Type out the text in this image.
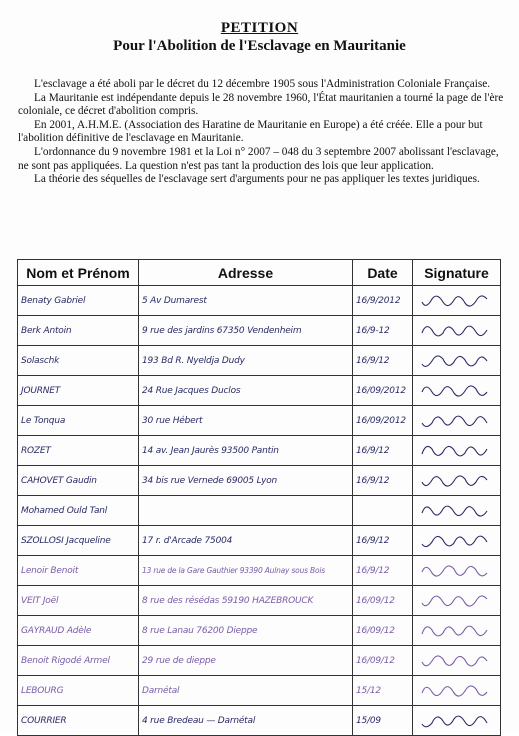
PETITION
Pour l'Abolition de l'Esclavage en Mauritanie

L'esclavage a été aboli par le décret du 12 décembre 1905 sous l'Administration Coloniale Française.

La Mauritanie est indépendante depuis le 28 novembre 1960, l'État mauritanien a tourné la page de l'ère coloniale, ce décret d'abolition compris.

En 2001, A.H.M.E. (Association des Haratine de Mauritanie en Europe) a été créée. Elle a pour but l'abolition définitive de l'esclavage en Mauritanie.

L'ordonnance du 9 novembre 1981 et la Loi n° 2007 – 048 du 3 septembre 2007 abolissant l'esclavage, ne sont pas appliquées. La question n'est pas tant la production des lois que leur application.

La théorie des séquelles de l'esclavage sert d'arguments pour ne pas appliquer les textes juridiques.

Nom et Prénom	Adresse	Date	Signature
Benaty Gabriel	5 Av Dumarest	16/9/2012	

Berk Antoin	9 rue des jardins 67350 Vendenheim	16/9-12	

Solaschk	193 Bd R. Nyeldja Dudy	16/9/12	

JOURNET	24 Rue Jacques Duclos	16/09/2012	

Le Tonqua	30 rue Hébert	16/09/2012	

ROZET	14 av. Jean Jaurès 93500 Pantin	16/9/12	

CAHOVET Gaudin	34 bis rue Vernede 69005 Lyon	16/9/12	

Mohamed Ould Tanl			

SZOLLOSI Jacqueline	17 r. d'Arcade 75004	16/9/12	

Lenoir Benoit	13 rue de la Gare Gauthier 93390 Aulnay sous Bois	16/9/12	

VEIT Joël	8 rue des résédas 59190 HAZEBROUCK	16/09/12	

GAYRAUD Adèle	8 rue Lanau 76200 Dieppe	16/09/12	

Benoit Rigodé Armel	29 rue de dieppe	16/09/12	

LEBOURG	Darnétal	15/12	

COURRIER	4 rue Bredeau — Darnétal	15/09	
